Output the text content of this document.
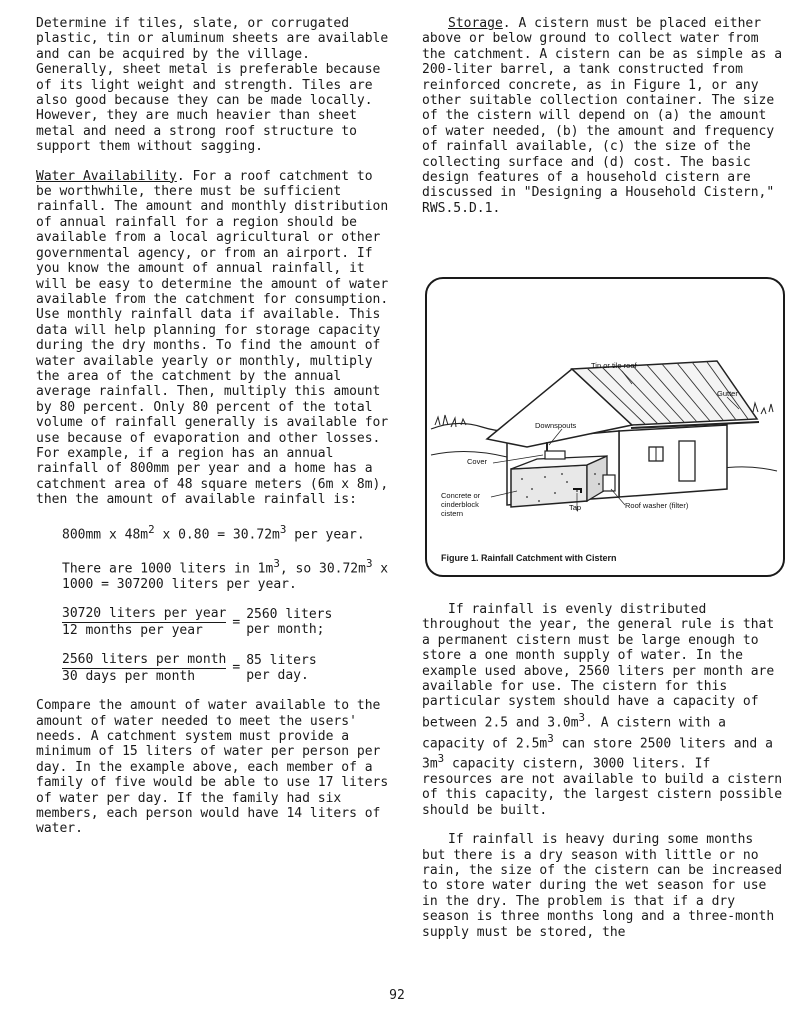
Determine if tiles, slate, or corrugated plastic, tin or aluminum sheets are available and can be acquired by the village. Generally, sheet metal is preferable because of its light weight and strength. Tiles are also good because they can be made locally. However, they are much heavier than sheet metal and need a strong roof structure to support them without sagging.

Water Availability. For a roof catchment to be worthwhile, there must be sufficient rainfall. The amount and monthly distribution of annual rainfall for a region should be available from a local agricultural or other governmental agency, or from an airport. If you know the amount of annual rainfall, it will be easy to determine the amount of water available from the catchment for consumption. Use monthly rainfall data if available. This data will help planning for storage capacity during the dry months. To find the amount of water available yearly or monthly, multiply the area of the catchment by the annual average rainfall. Then, multiply this amount by 80 percent. Only 80 percent of the total volume of rainfall generally is available for use because of evaporation and other losses. For example, if a region has an annual rainfall of 800mm per year and a home has a catchment area of 48 square meters (6m x 8m), then the amount of available rainfall is:

800mm x $48m^2$ x $0.80 = 30.72m^3$ per year.

There are 1000 liters in $1m^3$, so $30.72m^3$ x 1000 = 307200 liters per year.

$\frac{\text{30720 liters per year}}{\text{12 months per year}} =2560$ liters per month;
$\frac{\text{2560 liters per month}}{\text{30 days per month}} =85$ liters per day.

Compare the amount of water available to the amount of water needed to meet the users' needs. A catchment system must provide a minimum of 15 liters of water per person per day. In the example above, each member of a family of five would be able to use 17 liters of water per day. If the family had six members, each person would have 14 liters of water.

Storage. A cistern must be placed either above or below ground to collect water from the catchment. A cistern can be as simple as a 200-liter barrel, a tank constructed from reinforced concrete, as in Figure 1, or any other suitable collection container. The size of the cistern will depend on (a) the amount of water needed, (b) the amount and frequency of rainfall available, (c) the size of the collecting surface and (d) cost. The basic design features of a household cistern are discussed in "Designing a Household Cistern," RWS.5.D.1.

Tin or tile roof
Gutter
Downspouts
Cover
Concrete or cinderblock cistern
Tap	Roof washer (filter)
Figure 1. Rainfall Catchment with Cistern

If rainfall is evenly distributed throughout the year, the general rule is that a permanent cistern must be large enough to store a one month supply of water. In the example used above, 2560 liters per month are available for use. The cistern for this particular system should have a capacity of between 2.5 and $3.0m^3$. A cistern with a capacity of $2.5m^3$ can store 2500 liters and a $3m^3$ capacity cistern, 3000 liters. If resources are not available to build a cistern of this capacity, the largest cistern possible should be built.

If rainfall is heavy during some months but there is a dry season with little or no rain, the size of the cistern can be increased to store water during the wet season for use in the dry. The problem is that if a dry season is three months long and a three-month supply must be stored, the

92
